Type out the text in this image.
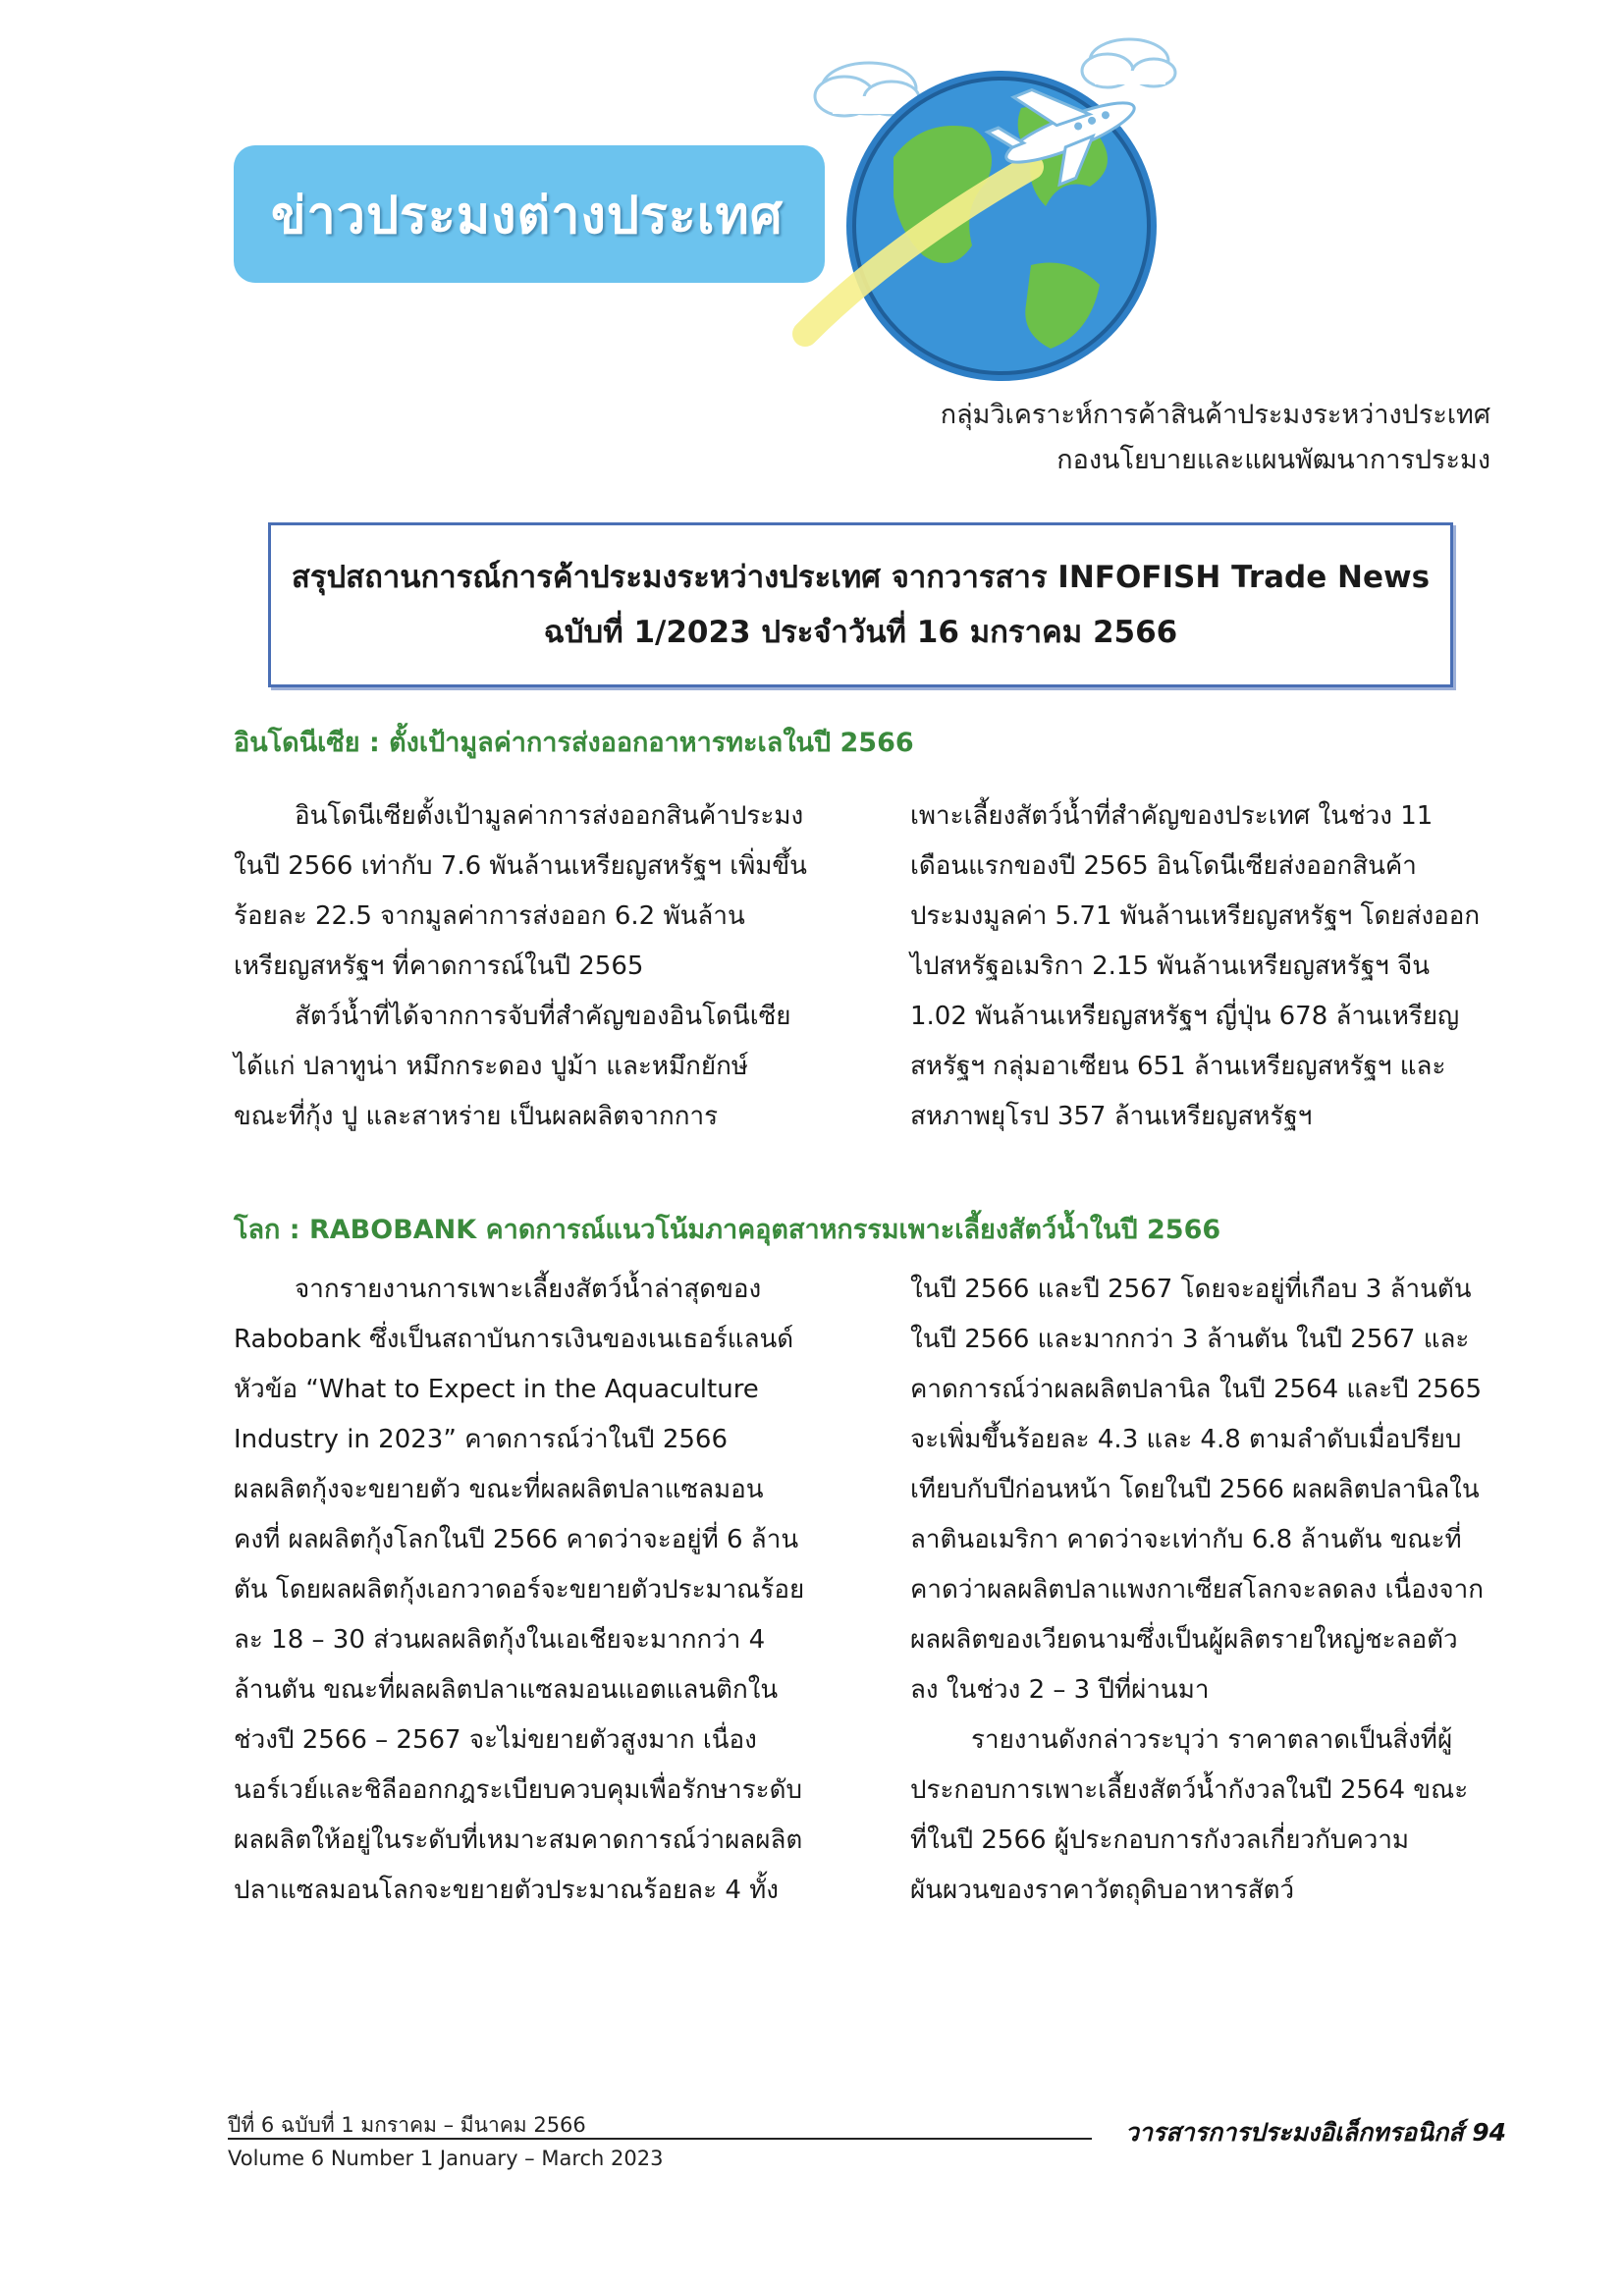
ข่าวประมงต่างประเทศ
กลุ่มวิเคราะห์การค้าสินค้าประมงระหว่างประเทศ
กองนโยบายและแผนพัฒนาการประมง
สรุปสถานการณ์การค้าประมงระหว่างประเทศ จากวารสาร INFOFISH Trade News
ฉบับที่ 1/2023 ประจำวันที่ 16 มกราคม 2566
อินโดนีเซีย : ตั้งเป้ามูลค่าการส่งออกอาหารทะเลในปี 2566

อินโดนีเซียตั้งเป้ามูลค่าการส่งออกสินค้าประมงในปี 2566 เท่ากับ 7.6 พันล้านเหรียญสหรัฐฯ เพิ่มขึ้นร้อยละ 22.5 จากมูลค่าการส่งออก 6.2 พันล้านเหรียญสหรัฐฯ ที่คาดการณ์ในปี 2565

สัตว์น้ำที่ได้จากการจับที่สำคัญของอินโดนีเซีย ได้แก่ ปลาทูน่า หมึกกระดอง ปูม้า และหมึกยักษ์ ขณะที่กุ้ง ปู และสาหร่าย เป็นผลผลิตจากการ

เพาะเลี้ยงสัตว์น้ำที่สำคัญของประเทศ ในช่วง 11 เดือนแรกของปี 2565 อินโดนีเซียส่งออกสินค้าประมงมูลค่า 5.71 พันล้านเหรียญสหรัฐฯ โดยส่งออกไปสหรัฐอเมริกา 2.15 พันล้านเหรียญสหรัฐฯ จีน 1.02 พันล้านเหรียญสหรัฐฯ ญี่ปุ่น 678 ล้านเหรียญสหรัฐฯ กลุ่มอาเซียน 651 ล้านเหรียญสหรัฐฯ และสหภาพยุโรป 357 ล้านเหรียญสหรัฐฯ

โลก : RABOBANK คาดการณ์แนวโน้มภาคอุตสาหกรรมเพาะเลี้ยงสัตว์น้ำในปี 2566

จากรายงานการเพาะเลี้ยงสัตว์น้ำล่าสุดของ Rabobank ซึ่งเป็นสถาบันการเงินของเนเธอร์แลนด์ หัวข้อ “What to Expect in the Aquaculture Industry in 2023” คาดการณ์ว่าในปี 2566 ผลผลิตกุ้งจะขยายตัว ขณะที่ผลผลิตปลาแซลมอนคงที่ ผลผลิตกุ้งโลกในปี 2566 คาดว่าจะอยู่ที่ 6 ล้านตัน โดยผลผลิตกุ้งเอกวาดอร์จะขยายตัวประมาณร้อยละ 18 – 30 ส่วนผลผลิตกุ้งในเอเชียจะมากกว่า 4 ล้านตัน ขณะที่ผลผลิตปลาแซลมอนแอตแลนติกในช่วงปี 2566 – 2567 จะไม่ขยายตัวสูงมาก เนื่องนอร์เวย์และชิลีออกกฎระเบียบควบคุมเพื่อรักษาระดับผลผลิตให้อยู่ในระดับที่เหมาะสมคาดการณ์ว่าผลผลิตปลาแซลมอนโลกจะขยายตัวประมาณร้อยละ 4 ทั้ง

ในปี 2566 และปี 2567 โดยจะอยู่ที่เกือบ 3 ล้านตัน ในปี 2566 และมากกว่า 3 ล้านตัน ในปี 2567 และคาดการณ์ว่าผลผลิตปลานิล ในปี 2564 และปี 2565 จะเพิ่มขึ้นร้อยละ 4.3 และ 4.8 ตามลำดับเมื่อปรียบเทียบกับปีก่อนหน้า โดยในปี 2566 ผลผลิตปลานิลในลาตินอเมริกา คาดว่าจะเท่ากับ 6.8 ล้านตัน ขณะที่คาดว่าผลผลิตปลาแพงกาเซียสโลกจะลดลง เนื่องจากผลผลิตของเวียดนามซึ่งเป็นผู้ผลิตรายใหญ่ชะลอตัวลง ในช่วง 2 – 3 ปีที่ผ่านมา

รายงานดังกล่าวระบุว่า ราคาตลาดเป็นสิ่งที่ผู้ประกอบการเพาะเลี้ยงสัตว์น้ำกังวลในปี 2564 ขณะที่ในปี 2566 ผู้ประกอบการกังวลเกี่ยวกับความผันผวนของราคาวัตถุดิบอาหารสัตว์

ปีที่ 6 ฉบับที่ 1 มกราคม – มีนาคม 2566
Volume 6 Number 1 January – March 2023
วารสารการประมงอิเล็กทรอนิกส์ 94
